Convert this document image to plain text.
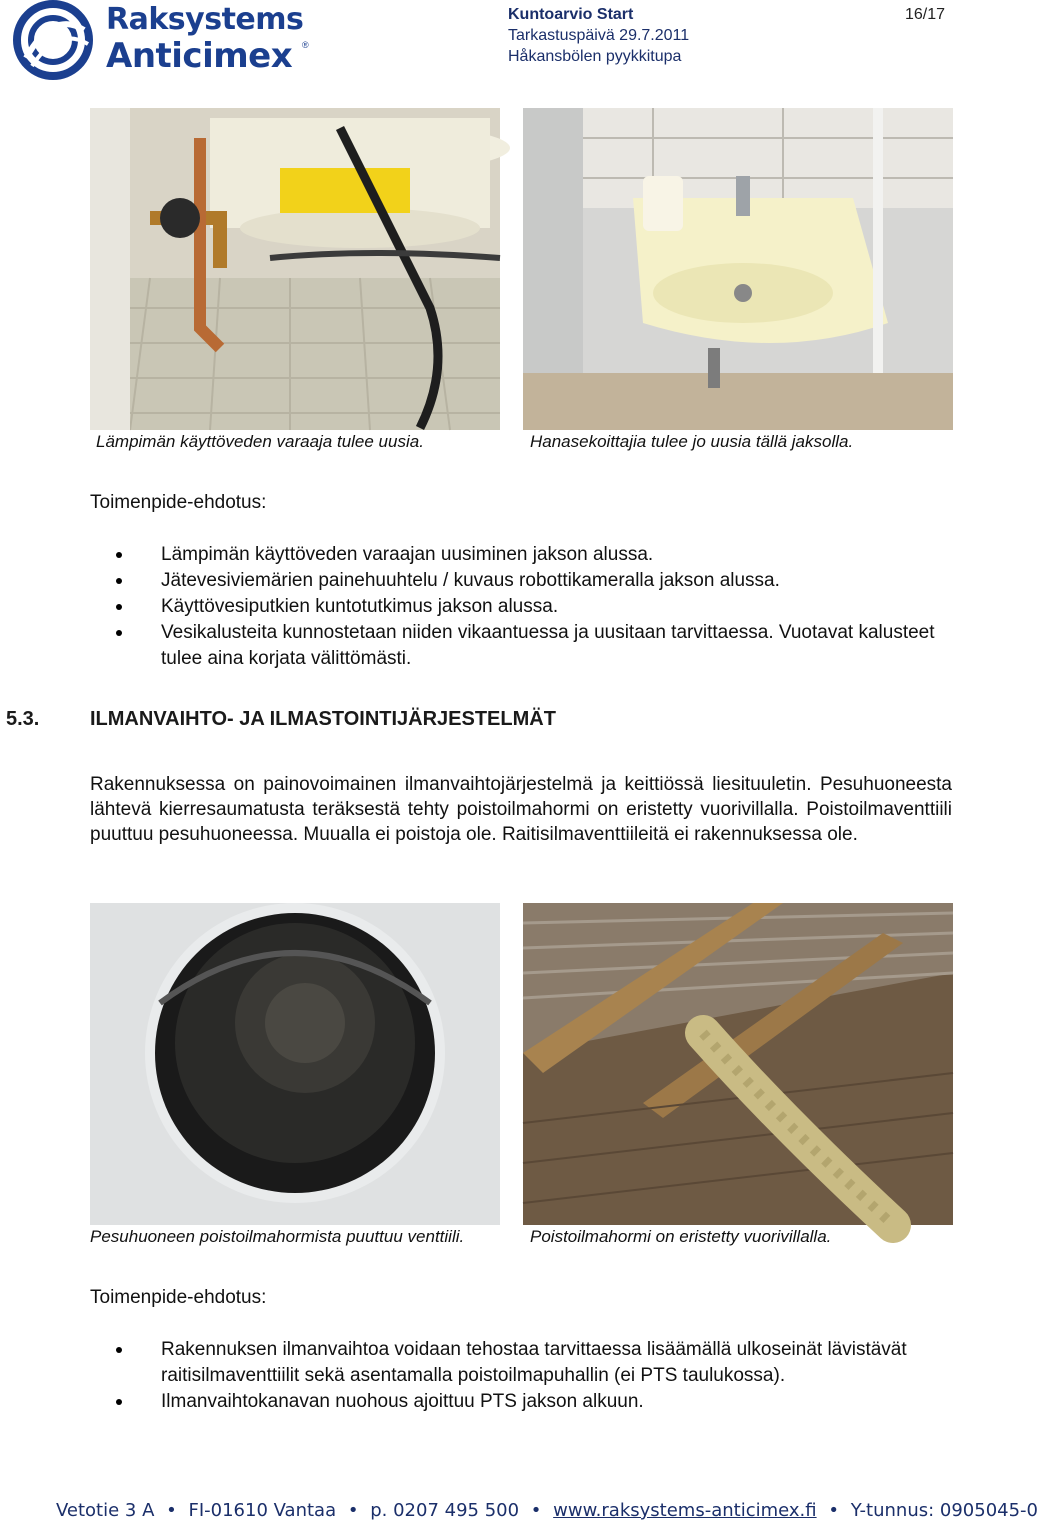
Raksystems
Anticimex ®
Kuntoarvio Start
Tarkastuspäivä 29.7.2011
Håkansbölen pyykkitupa
16/17
Lämpimän käyttöveden varaaja tulee uusia.	Hanasekoittajia tulee jo uusia tällä jaksolla.
Toimenpide-ehdotus:
Lämpimän käyttöveden varaajan uusiminen jakson alussa.
Jätevesiviemärien painehuuhtelu / kuvaus robottikameralla jakson alussa.
Käyttövesiputkien kuntotutkimus jakson alussa.
Vesikalusteita kunnostetaan niiden vikaantuessa ja uusitaan tarvittaessa. Vuotavat kalusteet tulee aina korjata välittömästi.
5.3.	ILMANVAIHTO- JA ILMASTOINTIJÄRJESTELMÄT
Rakennuksessa on painovoimainen ilmanvaihtojärjestelmä ja keittiössä liesituuletin. Pesuhuoneesta lähtevä kierresaumatusta teräksestä tehty poistoilmahormi on eristetty vuorivillalla. Poistoilmaventtiili puuttuu pesuhuoneessa. Muualla ei poistoja ole. Raitisilmaventtiileitä ei rakennuksessa ole.
Pesuhuoneen poistoilmahormista puuttuu venttiili.	Poistoilmahormi on eristetty vuorivillalla.
Toimenpide-ehdotus:
Rakennuksen ilmanvaihtoa voidaan tehostaa tarvittaessa lisäämällä ulkoseinät lävistävät raitisilmaventtiilit sekä asentamalla poistoilmapuhallin (ei PTS taulukossa).
Ilmanvaihtokanavan nuohous ajoittuu PTS jakson alkuun.
Vetotie 3 A • FI-01610 Vantaa • p. 0207 495 500 • www.raksystems-anticimex.fi • Y-tunnus: 0905045-0
